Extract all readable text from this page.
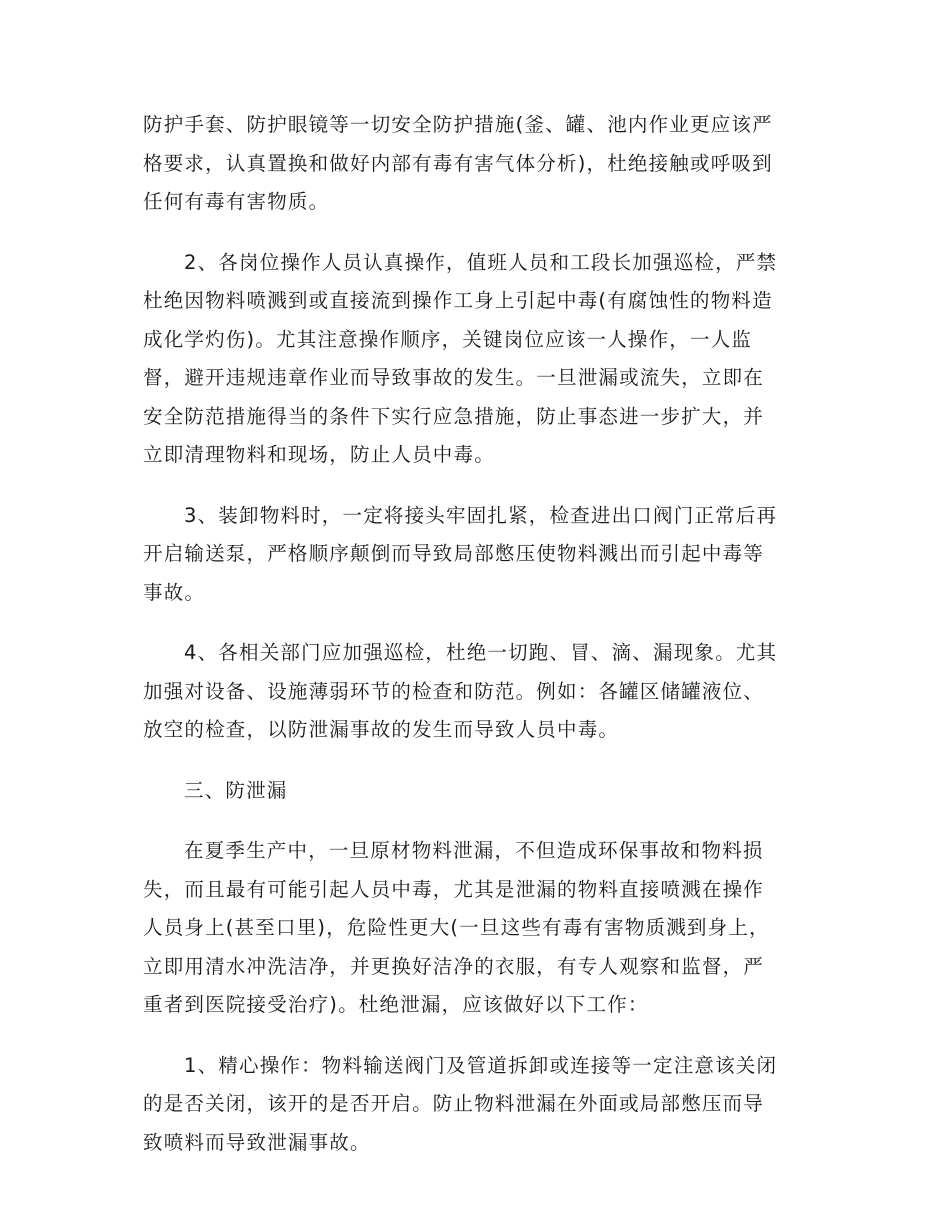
防护手套、防护眼镜等一切安全防护措施(釜、罐、池内作业更应该严
格要求，认真置换和做好内部有毒有害气体分析)，杜绝接触或呼吸到
任何有毒有害物质。

2、各岗位操作人员认真操作，值班人员和工段长加强巡检，严禁
杜绝因物料喷溅到或直接流到操作工身上引起中毒(有腐蚀性的物料造
成化学灼伤)。尤其注意操作顺序，关键岗位应该一人操作，一人监
督，避开违规违章作业而导致事故的发生。一旦泄漏或流失，立即在
安全防范措施得当的条件下实行应急措施，防止事态进一步扩大，并
立即清理物料和现场，防止人员中毒。

3、装卸物料时，一定将接头牢固扎紧，检查进出口阀门正常后再
开启输送泵，严格顺序颠倒而导致局部憋压使物料溅出而引起中毒等
事故。

4、各相关部门应加强巡检，杜绝一切跑、冒、滴、漏现象。尤其
加强对设备、设施薄弱环节的检查和防范。例如：各罐区储罐液位、
放空的检查，以防泄漏事故的发生而导致人员中毒。

三、防泄漏

在夏季生产中，一旦原材物料泄漏，不但造成环保事故和物料损
失，而且最有可能引起人员中毒，尤其是泄漏的物料直接喷溅在操作
人员身上(甚至口里)，危险性更大(一旦这些有毒有害物质溅到身上，
立即用清水冲洗洁净，并更换好洁净的衣服，有专人观察和监督，严
重者到医院接受治疗)。杜绝泄漏，应该做好以下工作：

1、精心操作：物料输送阀门及管道拆卸或连接等一定注意该关闭
的是否关闭，该开的是否开启。防止物料泄漏在外面或局部憋压而导
致喷料而导致泄漏事故。
